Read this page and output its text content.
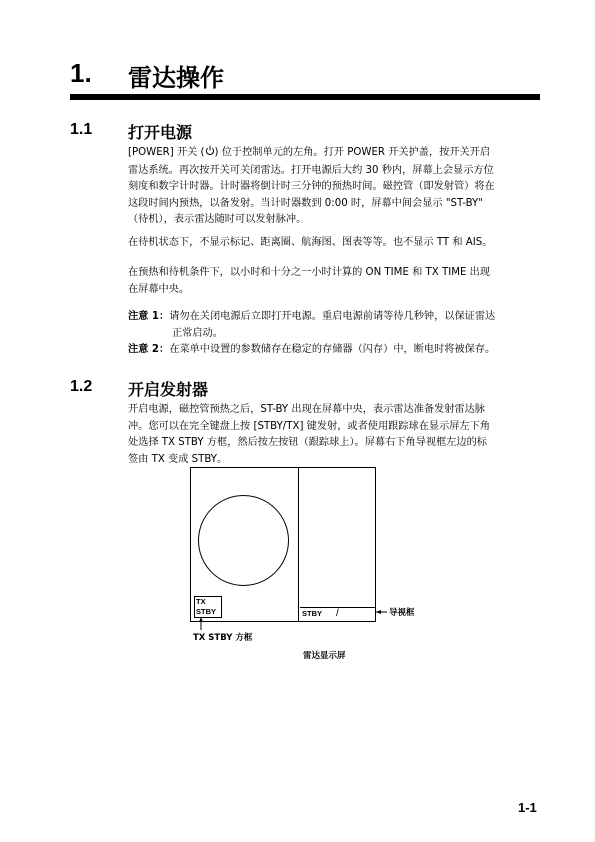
1. 雷达操作
1.1 打开电源
[POWER] 开关 ( ) 位于控制单元的左角。打开 POWER 开关护盖，按开关开启
雷达系统。再次按开关可关闭雷达。打开电源后大约 30 秒内，屏幕上会显示方位
刻度和数字计时器。计时器将倒计时三分钟的预热时间。磁控管（即发射管）将在
这段时间内预热，以备发射。当计时器数到 0:00 时，屏幕中间会显示 "ST-BY"
（待机），表示雷达随时可以发射脉冲。
在待机状态下，不显示标记、距离圈、航海图、图表等等。也不显示 TT 和 AIS。
在预热和待机条件下，以小时和十分之一小时计算的 ON TIME 和 TX TIME 出现
在屏幕中央。
注意 1：请勿在关闭电源后立即打开电源。重启电源前请等待几秒钟，以保证雷达
正常启动。
注意 2：在菜单中设置的参数储存在稳定的存储器（闪存）中，断电时将被保存。
1.2 开启发射器
开启电源，磁控管预热之后，ST-BY 出现在屏幕中央，表示雷达准备发射雷达脉
冲。您可以在完全键盘上按 [STBY/TX] 键发射，或者使用跟踪球在显示屏左下角
处选择 TX STBY 方框，然后按左按钮（跟踪球上）。屏幕右下角导视框左边的标
签由 TX 变成 STBY。
TX
STBY	STBY /	导视框
TX STBY 方框
雷达显示屏
1-1
